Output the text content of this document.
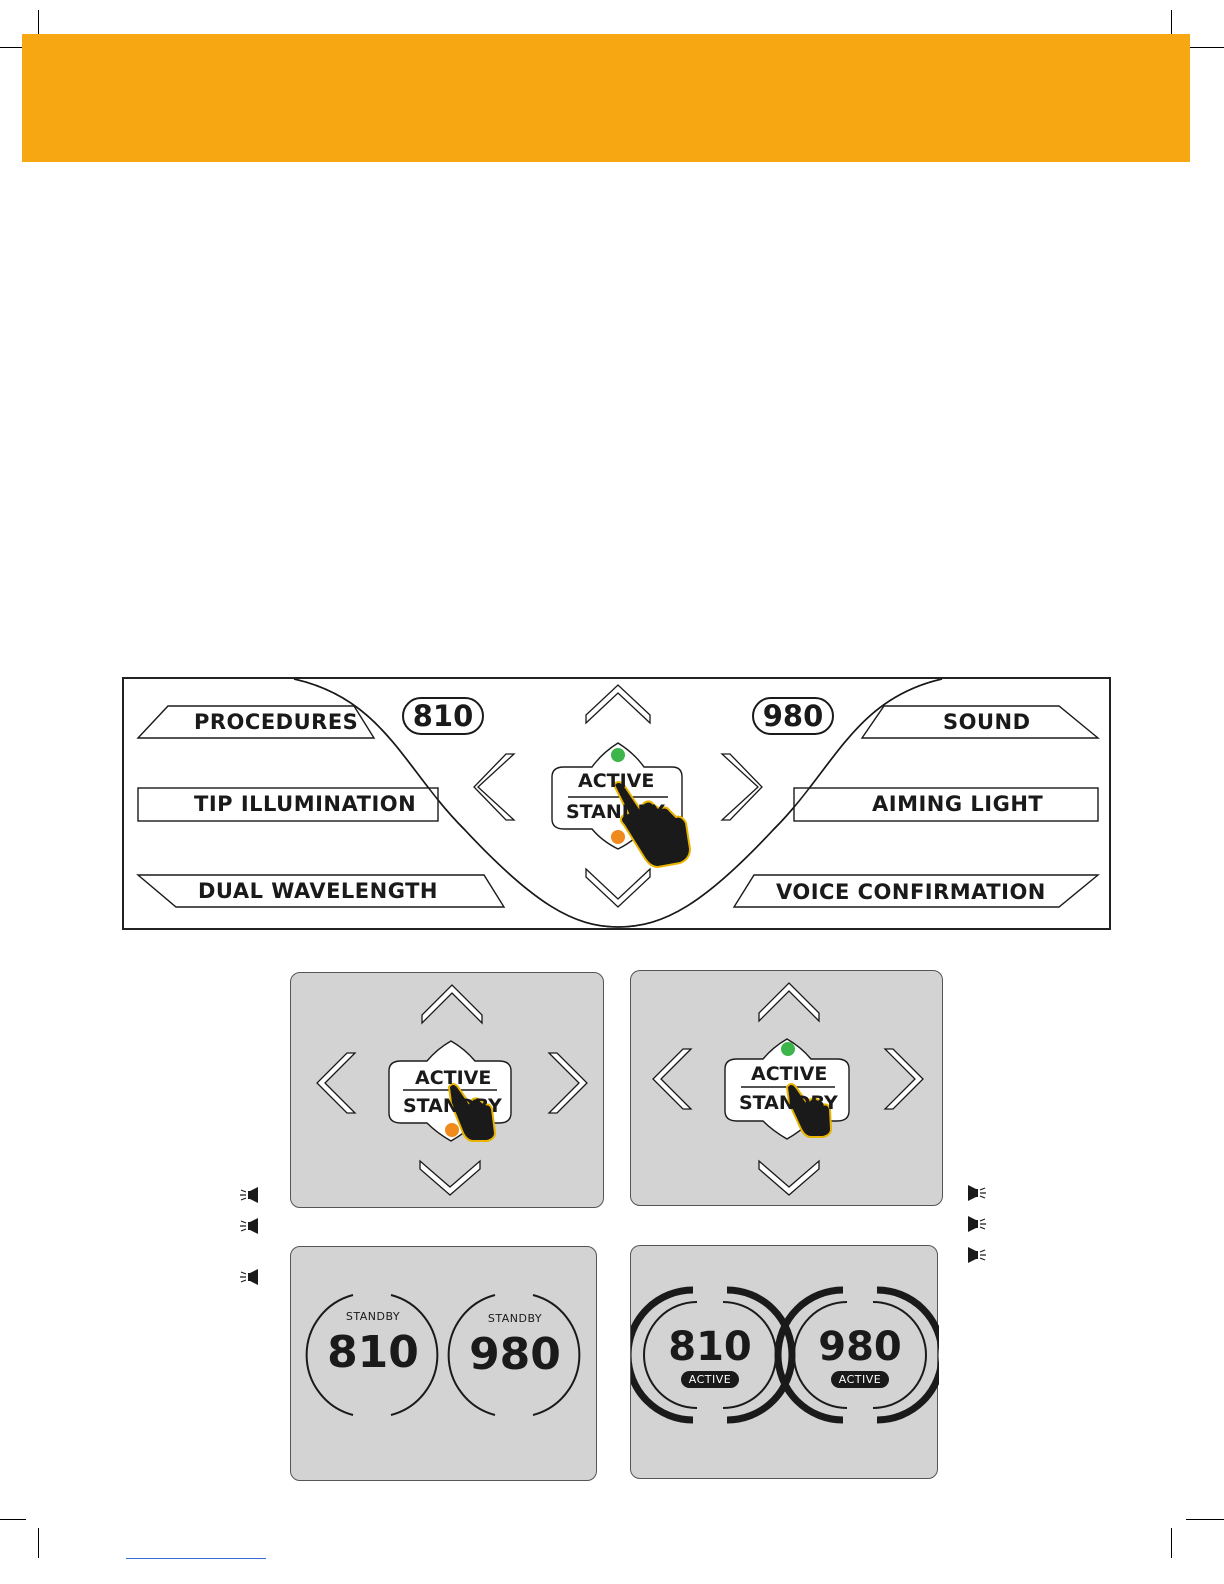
PROCEDURES
TIP ILLUMINATION
DUAL WAVELENGTH
SOUND
AIMING LIGHT
VOICE CONFIRMATION
810	980
ACTIVE
STANDBY
ACTIVE
STANDBY
ACTIVE
STANDBY
STANDBY
810
STANDBY
980	810
ACTIVE
980
ACTIVE
